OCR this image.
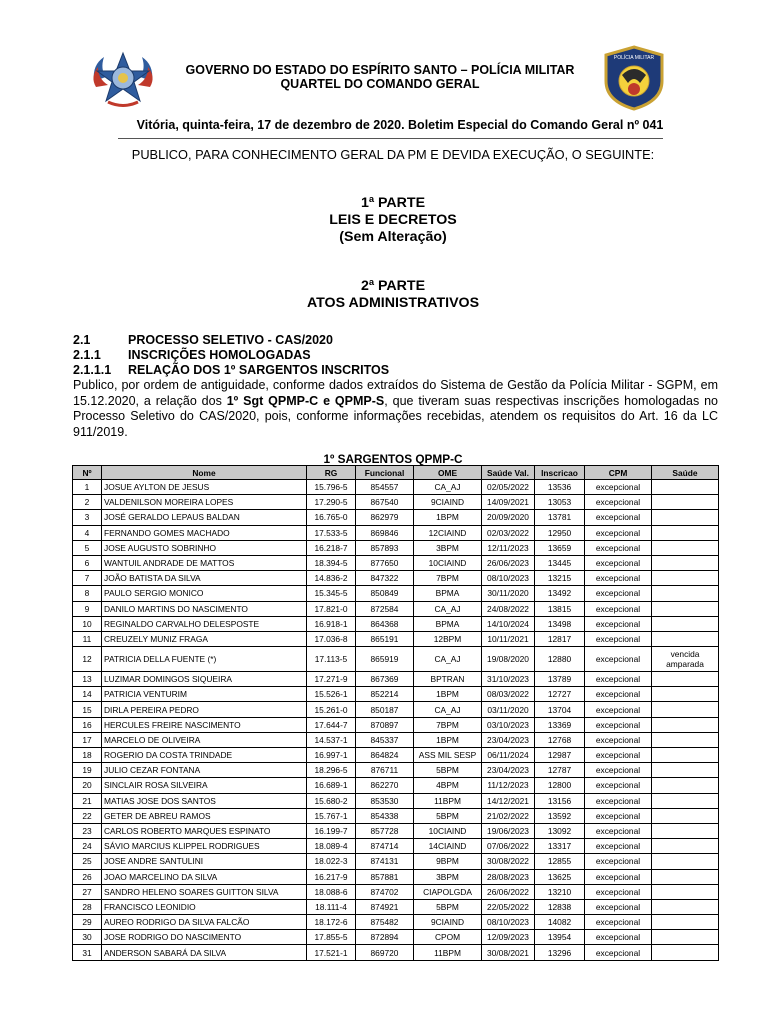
GOVERNO DO ESTADO DO ESPÍRITO SANTO – POLÍCIA MILITAR
QUARTEL DO COMANDO GERAL
POLÍCIA MILITAR
Vitória, quinta-feira, 17 de dezembro de 2020. Boletim Especial do Comando Geral nº 041
PUBLICO, PARA CONHECIMENTO GERAL DA PM E DEVIDA EXECUÇÃO, O SEGUINTE:
1ª PARTE
LEIS E DECRETOS
(Sem Alteração)
2ª PARTE
ATOS ADMINISTRATIVOS
2.1	PROCESSO SELETIVO - CAS/2020
2.1.1 INSCRIÇÕES HOMOLOGADAS
2.1.1.1 RELAÇÃO DOS 1º SARGENTOS INSCRITOS
Publico, por ordem de antiguidade, conforme dados extraídos do Sistema de Gestão da Polícia Militar - SGPM, em 15.12.2020, a relação dos 1º Sgt QPMP-C e QPMP-S, que tiveram suas respectivas inscrições homologadas no Processo Seletivo do CAS/2020, pois, conforme informações recebidas, atendem os requisitos do Art. 16 da LC 911/2019.
1º SARGENTOS QPMP-C
Nº	Nome	RG	Funcional	OME	Saúde Val.	Inscricao	CPM	Saúde
1	JOSUE AYLTON DE JESUS	15.796-5	854557	CA_AJ	02/05/2022	13536	excepcional	
2	VALDENILSON MOREIRA LOPES	17.290-5	867540	9CIAIND	14/09/2021	13053	excepcional	
3	JOSÉ GERALDO LEPAUS BALDAN	16.765-0	862979	1BPM	20/09/2020	13781	excepcional	
4	FERNANDO GOMES MACHADO	17.533-5	869846	12CIAIND	02/03/2022	12950	excepcional	
5	JOSE AUGUSTO SOBRINHO	16.218-7	857893	3BPM	12/11/2023	13659	excepcional	
6	WANTUIL ANDRADE DE MATTOS	18.394-5	877650	10CIAIND	26/06/2023	13445	excepcional	
7	JOÃO BATISTA DA SILVA	14.836-2	847322	7BPM	08/10/2023	13215	excepcional	
8	PAULO SERGIO MONICO	15.345-5	850849	BPMA	30/11/2020	13492	excepcional	
9	DANILO MARTINS DO NASCIMENTO	17.821-0	872584	CA_AJ	24/08/2022	13815	excepcional	
10	REGINALDO CARVALHO DELESPOSTE	16.918-1	864368	BPMA	14/10/2024	13498	excepcional	
11	CREUZELY MUNIZ FRAGA	17.036-8	865191	12BPM	10/11/2021	12817	excepcional	
12	PATRICIA DELLA FUENTE (*)	17.113-5	865919	CA_AJ	19/08/2020	12880	excepcional	vencida amparada
13	LUZIMAR DOMINGOS SIQUEIRA	17.271-9	867369	BPTRAN	31/10/2023	13789	excepcional	
14	PATRICIA VENTURIM	15.526-1	852214	1BPM	08/03/2022	12727	excepcional	
15	DIRLA PEREIRA PEDRO	15.261-0	850187	CA_AJ	03/11/2020	13704	excepcional	
16	HERCULES FREIRE NASCIMENTO	17.644-7	870897	7BPM	03/10/2023	13369	excepcional	
17	MARCELO DE OLIVEIRA	14.537-1	845337	1BPM	23/04/2023	12768	excepcional	
18	ROGERIO DA COSTA TRINDADE	16.997-1	864824	ASS MIL SESP	06/11/2024	12987	excepcional	
19	JULIO CEZAR FONTANA	18.296-5	876711	5BPM	23/04/2023	12787	excepcional	
20	SINCLAIR ROSA SILVEIRA	16.689-1	862270	4BPM	11/12/2023	12800	excepcional	
21	MATIAS JOSE DOS SANTOS	15.680-2	853530	11BPM	14/12/2021	13156	excepcional	
22	GETER DE ABREU RAMOS	15.767-1	854338	5BPM	21/02/2022	13592	excepcional	
23	CARLOS ROBERTO MARQUES ESPINATO	16.199-7	857728	10CIAIND	19/06/2023	13092	excepcional	
24	SÁVIO MARCIUS KLIPPEL RODRIGUES	18.089-4	874714	14CIAIND	07/06/2022	13317	excepcional	
25	JOSE ANDRE SANTULINI	18.022-3	874131	9BPM	30/08/2022	12855	excepcional	
26	JOAO MARCELINO DA SILVA	16.217-9	857881	3BPM	28/08/2023	13625	excepcional	
27	SANDRO HELENO SOARES GUITTON SILVA	18.088-6	874702	CIAPOLGDA	26/06/2022	13210	excepcional	
28	FRANCISCO LEONIDIO	18.111-4	874921	5BPM	22/05/2022	12838	excepcional	
29	AUREO RODRIGO DA SILVA FALCÃO	18.172-6	875482	9CIAIND	08/10/2023	14082	excepcional	
30	JOSE RODRIGO DO NASCIMENTO	17.855-5	872894	CPOM	12/09/2023	13954	excepcional	
31	ANDERSON SABARÁ DA SILVA	17.521-1	869720	11BPM	30/08/2021	13296	excepcional	
